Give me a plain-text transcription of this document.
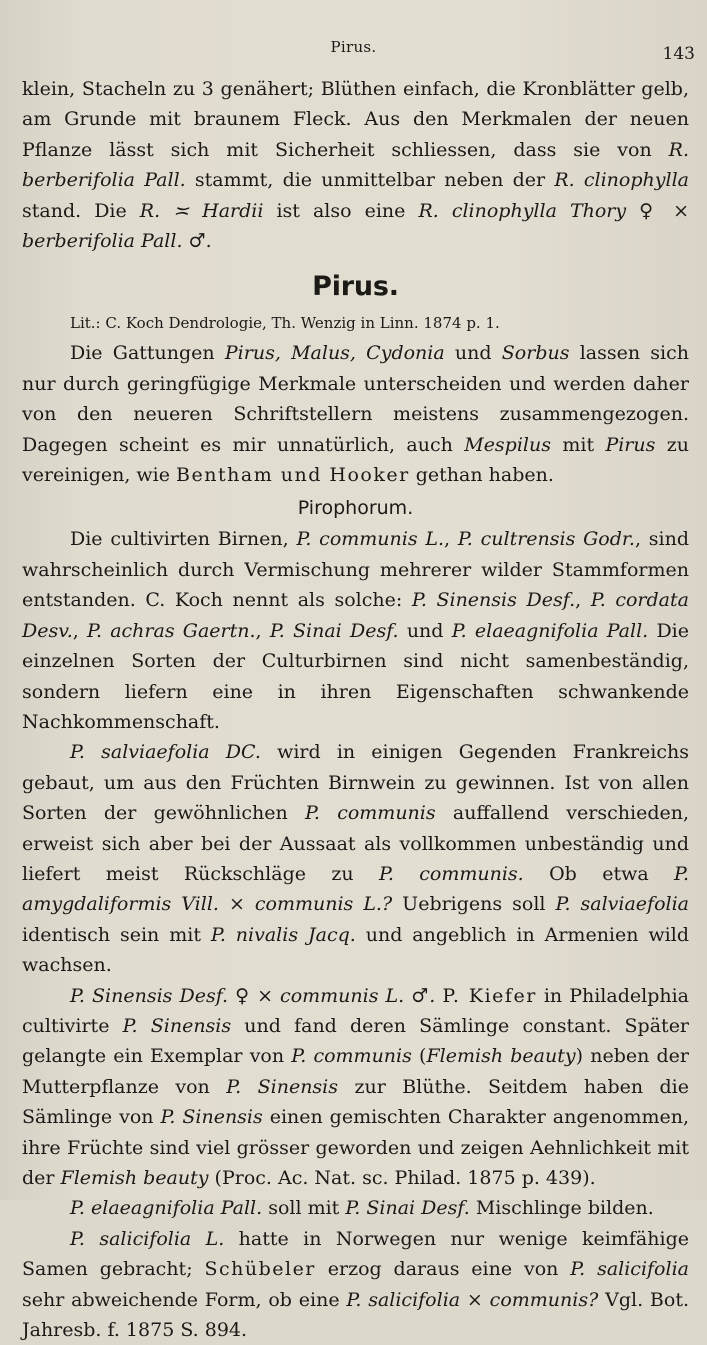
Pirus.	143

klein, Stacheln zu 3 genähert; Blüthen einfach, die Kronblätter gelb, am Grunde mit braunem Fleck. Aus den Merkmalen der neuen Pflanze lässt sich mit Sicherheit schliessen, dass sie von R. berberifolia Pall. stammt, die unmittelbar neben der R. clinophylla stand. Die R. ≍ Hardii ist also eine R. clinophylla Thory ♀ ⨯ berberifolia Pall. ♂.

Pirus.
Lit.: C. Koch Dendrologie, Th. Wenzig in Linn. 1874 p. 1.

Die Gattungen Pirus, Malus, Cydonia und Sorbus lassen sich nur durch geringfügige Merkmale unterscheiden und werden daher von den neueren Schriftstellern meistens zusammengezogen. Dagegen scheint es mir unnatürlich, auch Mespilus mit Pirus zu vereinigen, wie Bentham und Hooker gethan haben.

Pirophorum.

Die cultivirten Birnen, P. communis L., P. cultrensis Godr., sind wahrscheinlich durch Vermischung mehrerer wilder Stammformen entstanden. C. Koch nennt als solche: P. Sinensis Desf., P. cordata Desv., P. achras Gaertn., P. Sinai Desf. und P. elaeagnifolia Pall. Die einzelnen Sorten der Culturbirnen sind nicht samenbeständig, sondern liefern eine in ihren Eigenschaften schwankende Nachkommenschaft.

P. salviaefolia DC. wird in einigen Gegenden Frankreichs gebaut, um aus den Früchten Birnwein zu gewinnen. Ist von allen Sorten der gewöhnlichen P. communis auffallend verschieden, erweist sich aber bei der Aussaat als vollkommen unbeständig und liefert meist Rückschläge zu P. communis. Ob etwa P. amygdaliformis Vill. ⨯ communis L.? Uebrigens soll P. salviaefolia identisch sein mit P. nivalis Jacq. und angeblich in Armenien wild wachsen.

P. Sinensis Desf. ♀ ⨯ communis L. ♂. P. Kiefer in Philadelphia cultivirte P. Sinensis und fand deren Sämlinge constant. Später gelangte ein Exemplar von P. communis (Flemish beauty) neben der Mutterpflanze von P. Sinensis zur Blüthe. Seitdem haben die Sämlinge von P. Sinensis einen gemischten Charakter angenommen, ihre Früchte sind viel grösser geworden und zeigen Aehnlichkeit mit der Flemish beauty (Proc. Ac. Nat. sc. Philad. 1875 p. 439).

P. elaeagnifolia Pall. soll mit P. Sinai Desf. Mischlinge bilden.

P. salicifolia L. hatte in Norwegen nur wenige keimfähige Samen gebracht; Schübeler erzog daraus eine von P. salicifolia sehr abweichende Form, ob eine P. salicifolia ⨯ communis? Vgl. Bot. Jahresb. f. 1875 S. 894.
